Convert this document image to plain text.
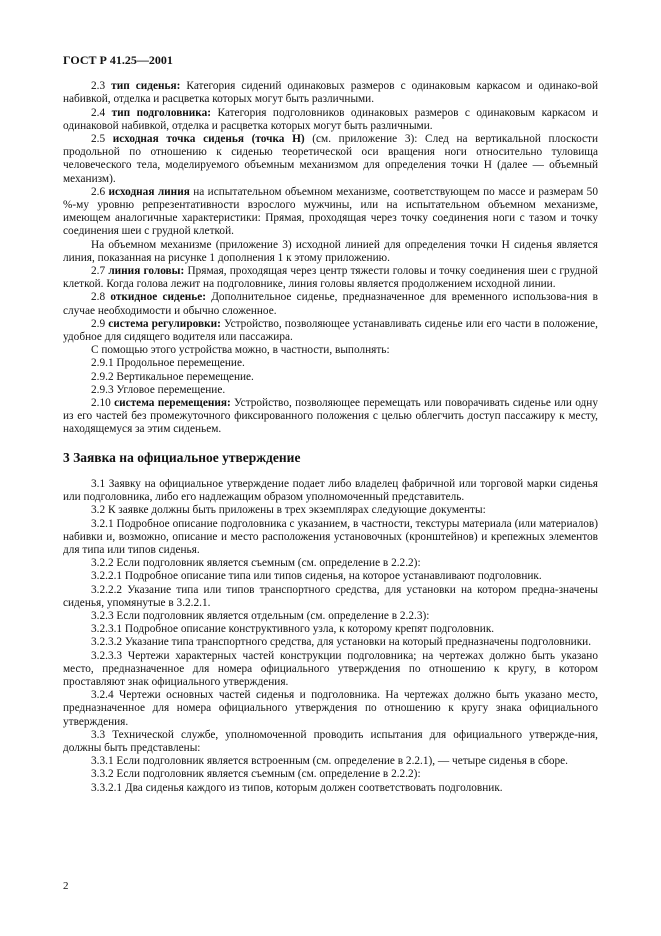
ГОСТ Р 41.25—2001

2.3 тип сиденья: Категория сидений одинаковых размеров с одинаковым каркасом и одинако-вой набивкой, отделка и расцветка которых могут быть различными.

2.4 тип подголовника: Категория подголовников одинаковых размеров с одинаковым каркасом и одинаковой набивкой, отделка и расцветка которых могут быть различными.

2.5 исходная точка сиденья (точка Н) (см. приложение 3): След на вертикальной плоскости продольной по отношению к сиденью теоретической оси вращения ноги относительно туловища человеческого тела, моделируемого объемным механизмом для определения точки Н (далее — объемный механизм).

2.6 исходная линия на испытательном объемном механизме, соответствующем по массе и размерам 50 %-му уровню репрезентативности взрослого мужчины, или на испытательном объемном механизме, имеющем аналогичные характеристики: Прямая, проходящая через точку соединения ноги с тазом и точку соединения шеи с грудной клеткой.

На объемном механизме (приложение 3) исходной линией для определения точки Н сиденья является линия, показанная на рисунке 1 дополнения 1 к этому приложению.

2.7 линия головы: Прямая, проходящая через центр тяжести головы и точку соединения шеи с грудной клеткой. Когда голова лежит на подголовнике, линия головы является продолжением исходной линии.

2.8 откидное сиденье: Дополнительное сиденье, предназначенное для временного использова-ния в случае необходимости и обычно сложенное.

2.9 система регулировки: Устройство, позволяющее устанавливать сиденье или его части в положение, удобное для сидящего водителя или пассажира.

С помощью этого устройства можно, в частности, выполнять:

2.9.1 Продольное перемещение.

2.9.2 Вертикальное перемещение.

2.9.3 Угловое перемещение.

2.10 система перемещения: Устройство, позволяющее перемещать или поворачивать сиденье или одну из его частей без промежуточного фиксированного положения с целью облегчить доступ пассажиру к месту, находящемуся за этим сиденьем.

3 Заявка на официальное утверждение

3.1 Заявку на официальное утверждение подает либо владелец фабричной или торговой марки сиденья или подголовника, либо его надлежащим образом уполномоченный представитель.

3.2 К заявке должны быть приложены в трех экземплярах следующие документы:

3.2.1 Подробное описание подголовника с указанием, в частности, текстуры материала (или материалов) набивки и, возможно, описание и место расположения установочных (кронштейнов) и крепежных элементов для типа или типов сиденья.

3.2.2 Если подголовник является съемным (см. определение в 2.2.2):

3.2.2.1 Подробное описание типа или типов сиденья, на которое устанавливают подголовник.

3.2.2.2 Указание типа или типов транспортного средства, для установки на котором предна-значены сиденья, упомянутые в 3.2.2.1.

3.2.3 Если подголовник является отдельным (см. определение в 2.2.3):

3.2.3.1 Подробное описание конструктивного узла, к которому крепят подголовник.

3.2.3.2 Указание типа транспортного средства, для установки на который предназначены подголовники.

3.2.3.3 Чертежи характерных частей конструкции подголовника; на чертежах должно быть указано место, предназначенное для номера официального утверждения по отношению к кругу, в котором проставляют знак официального утверждения.

3.2.4 Чертежи основных частей сиденья и подголовника. На чертежах должно быть указано место, предназначенное для номера официального утверждения по отношению к кругу знака официального утверждения.

3.3 Технической службе, уполномоченной проводить испытания для официального утвержде-ния, должны быть представлены:

3.3.1 Если подголовник является встроенным (см. определение в 2.2.1), — четыре сиденья в сборе.

3.3.2 Если подголовник является съемным (см. определение в 2.2.2):

3.3.2.1 Два сиденья каждого из типов, которым должен соответствовать подголовник.

2
